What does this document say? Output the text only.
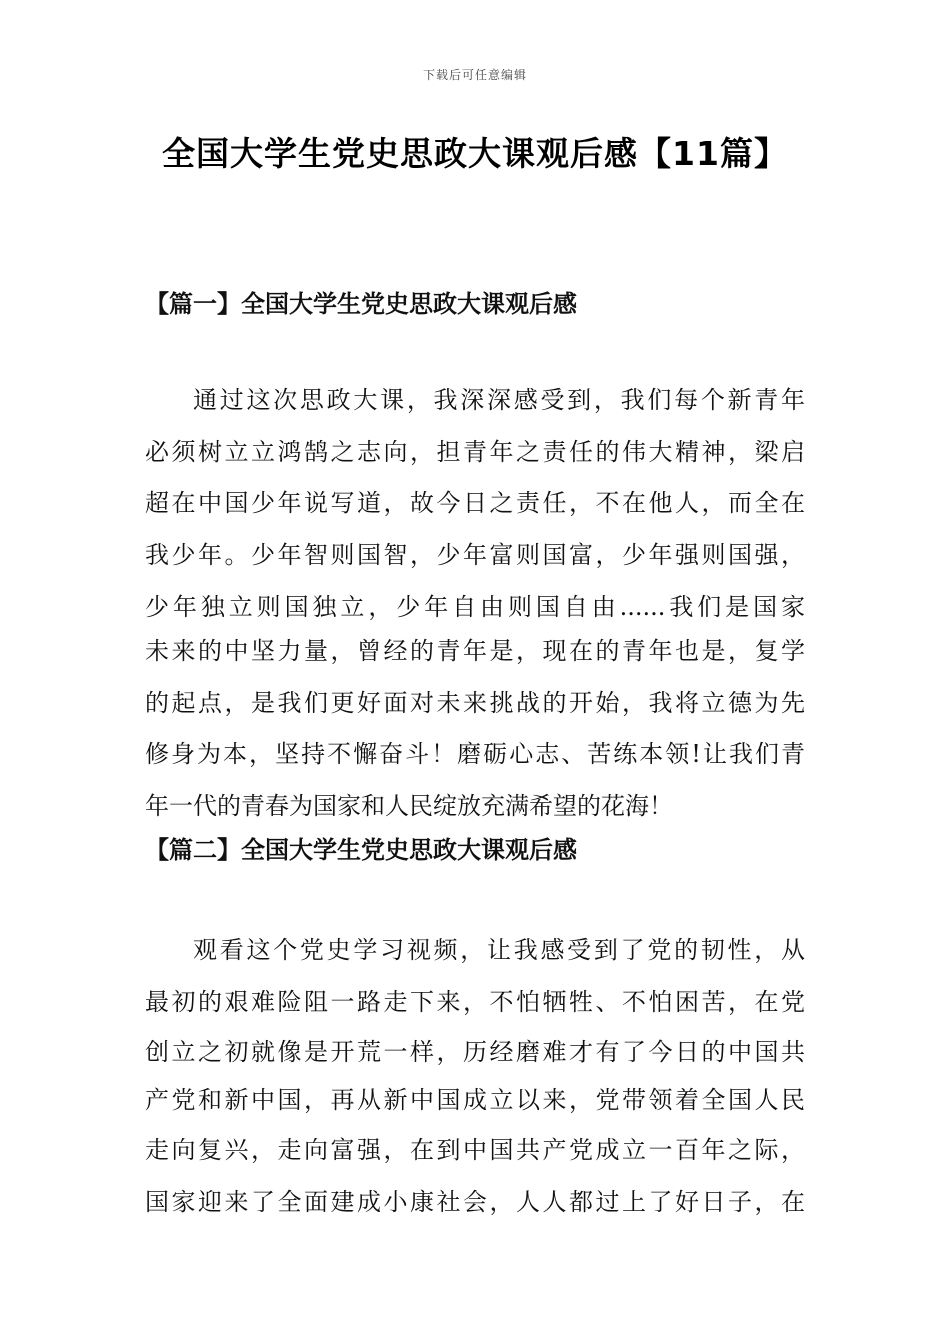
下载后可任意编辑
全国大学生党史思政大课观后感【11篇】
【篇一】全国大学生党史思政大课观后感
通过这次思政大课，我深深感受到，我们每个新青年
必须树立立鸿鹄之志向，担青年之责任的伟大精神，梁启
超在中国少年说写道，故今日之责任，不在他人，而全在
我少年。少年智则国智，少年富则国富，少年强则国强，
少年独立则国独立，少年自由则国自由......我们是国家
未来的中坚力量，曾经的青年是，现在的青年也是，复学
的起点，是我们更好面对未来挑战的开始，我将立德为先
修身为本，坚持不懈奋斗！磨砺心志、苦练本领!让我们青
年一代的青春为国家和人民绽放充满希望的花海！
【篇二】全国大学生党史思政大课观后感
观看这个党史学习视频，让我感受到了党的韧性，从
最初的艰难险阻一路走下来，不怕牺牲、不怕困苦，在党
创立之初就像是开荒一样，历经磨难才有了今日的中国共
产党和新中国，再从新中国成立以来，党带领着全国人民
走向复兴，走向富强，在到中国共产党成立一百年之际，
国家迎来了全面建成小康社会，人人都过上了好日子，在
